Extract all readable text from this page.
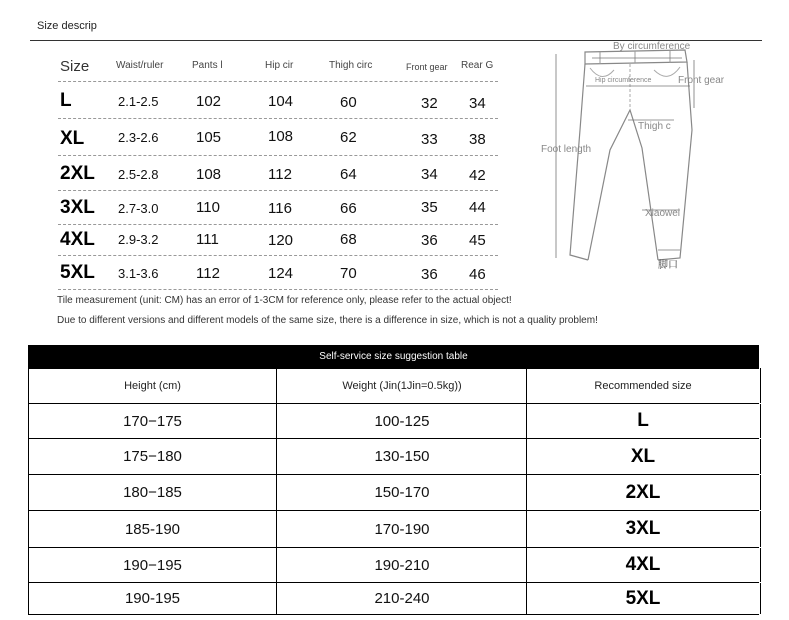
Size descrip
Size	Waist/ruler	Pants l	Hip cir	Thigh circ	Front gear Rear G
L	2.1-2.5	102	104	60	32 34
XL	2.3-2.6	105	108	62	33 38
2XL 2.5-2.8	108	112	64	34 42
3XL 2.7-3.0	110	116	66	35 44
4XL 2.9-3.2	111	120	68	36 45
5XL 3.1-3.6	112	124	70	36 46
Tile measurement (unit: CM) has an error of 1-3CM for reference only, please refer to the actual object!
Due to different versions and different models of the same size, there is a difference in size, which is not a quality problem!
By circumference
Hip circumference	Front gear
Thigh c
Foot length
Xiaowei
脚口
Self-service size suggestion table
Height (cm)	Weight (Jin(1Jin=0.5kg))	Recommended size
170−175	100-125	L
175−180	130-150	XL
180−185	150-170	2XL
185-190	170-190	3XL
190−195	190-210	4XL
190-195	210-240	5XL
